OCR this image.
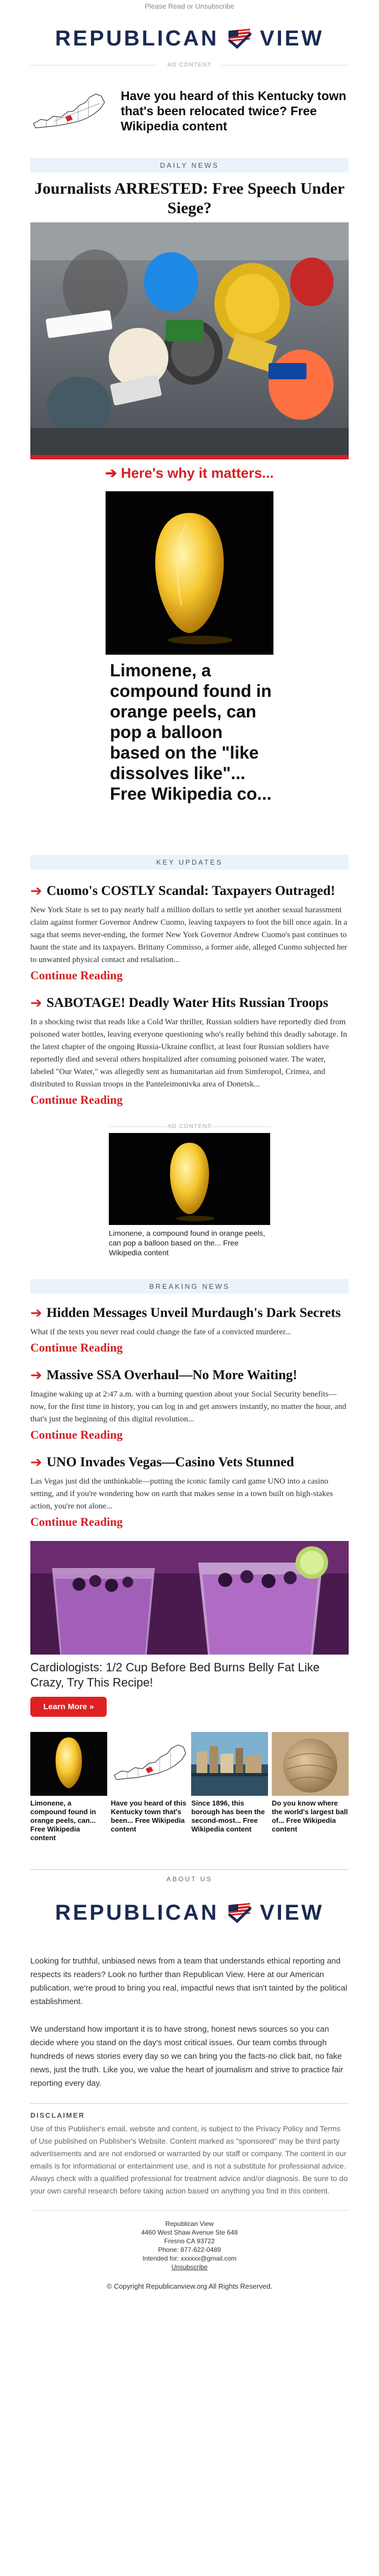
Please Read or Unsubscribe
REPUBLICAN VIEW
AD CONTENT
Have you heard of this Kentucky town that's been relocated twice? Free Wikipedia content
DAILY NEWS
Journalists ARRESTED: Free Speech Under Siege?
➔ Here's why it matters...
Limonene, a compound found in orange peels, can pop a balloon based on the "like dissolves like"... Free Wikipedia co...
KEY UPDATES
➔ Cuomo's COSTLY Scandal: Taxpayers Outraged!
New York State is set to pay nearly half a million dollars to settle yet another sexual harassment claim against former Governor Andrew Cuomo, leaving taxpayers to foot the bill once again. In a saga that seems never-ending, the former New York Governor Andrew Cuomo's past continues to haunt the state and its taxpayers. Brittany Commisso, a former aide, alleged Cuomo subjected her to unwanted physical contact and retaliation...
Continue Reading
➔ SABOTAGE! Deadly Water Hits Russian Troops
In a shocking twist that reads like a Cold War thriller, Russian soldiers have reportedly died from poisoned water bottles, leaving everyone questioning who's really behind this deadly sabotage. In the latest chapter of the ongoing Russia-Ukraine conflict, at least four Russian soldiers have reportedly died and several others hospitalized after consuming poisoned water. The water, labeled "Our Water," was allegedly sent as humanitarian aid from Simferopol, Crimea, and distributed to Russian troops in the Panteleimonivka area of Donetsk...
Continue Reading
AD CONTENT
Limonene, a compound found in orange peels, can pop a balloon based on the... Free Wikipedia content
BREAKING NEWS
➔ Hidden Messages Unveil Murdaugh's Dark Secrets
What if the texts you never read could change the fate of a convicted murderer...
Continue Reading
➔ Massive SSA Overhaul—No More Waiting!
Imagine waking up at 2:47 a.m. with a burning question about your Social Security benefits—now, for the first time in history, you can log in and get answers instantly, no matter the hour, and that's just the beginning of this digital revolution...
Continue Reading
➔ UNO Invades Vegas—Casino Vets Stunned
Las Vegas just did the unthinkable—putting the iconic family card game UNO into a casino setting, and if you're wondering how on earth that makes sense in a town built on high-stakes action, you're not alone...
Continue Reading
Cardiologists: 1/2 Cup Before Bed Burns Belly Fat Like Crazy, Try This Recipe!
Learn More »
Limonene, a compound found in orange peels, can... Free Wikipedia content
Have you heard of this Kentucky town that's been... Free Wikipedia content
Since 1896, this borough has been the second-most... Free Wikipedia content
Do you know where the world's largest ball of... Free Wikipedia content
ABOUT US
REPUBLICAN VIEW

Looking for truthful, unbiased news from a team that understands ethical reporting and respects its readers? Look no further than Republican View. Here at our American publication, we're proud to bring you real, impactful news that isn't tainted by the political establishment.

We understand how important it is to have strong, honest news sources so you can decide where you stand on the day's most critical issues. Our team combs through hundreds of news stories every day so we can bring you the facts-no click bait, no fake news, just the truth. Like you, we value the heart of journalism and strive to practice fair reporting every day.

DISCLAIMER
Use of this Publisher's email, website and content, is subject to the Privacy Policy and Terms of Use published on Publisher's Website. Content marked as "sponsored" may be third party advertisements and are not endorsed or warranted by our staff or company. The content in our emails is for informational or entertainment use, and is not a substitute for professional advice. Always check with a qualified professional for treatment advice and/or diagnosis. Be sure to do your own careful research before taking action based on anything you find in this content.
Republican View
4460 West Shaw Avenue Ste 648
Fresno CA 93722
Phone: 877-622-0489
Intended for: xxxxxx@gmail.com
Unsubscribe
© Copyright Republicanview.org All Rights Reserved.
